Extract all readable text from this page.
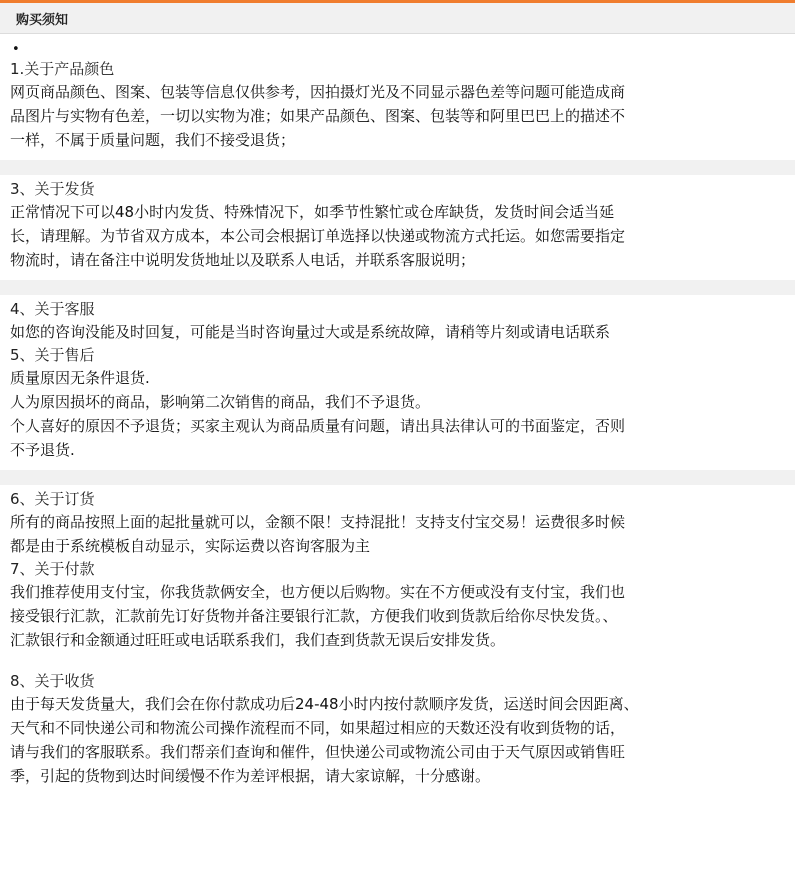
购买须知
•
1.关于产品颜色
网页商品颜色、图案、包装等信息仅供参考，因拍摄灯光及不同显示器色差等问题可能造成商
品图片与实物有色差，一切以实物为准；如果产品颜色、图案、包装等和阿里巴巴上的描述不
一样，不属于质量问题，我们不接受退货；
3、关于发货
正常情况下可以48小时内发货、特殊情况下，如季节性繁忙或仓库缺货，发货时间会适当延
长，请理解。为节省双方成本，本公司会根据订单选择以快递或物流方式托运。如您需要指定
物流时，请在备注中说明发货地址以及联系人电话，并联系客服说明；
4、关于客服
如您的咨询没能及时回复，可能是当时咨询量过大或是系统故障，请稍等片刻或请电话联系
5、关于售后
质量原因无条件退货.
人为原因损坏的商品，影响第二次销售的商品，我们不予退货。
个人喜好的原因不予退货；买家主观认为商品质量有问题，请出具法律认可的书面鉴定，否则
不予退货.
6、关于订货
所有的商品按照上面的起批量就可以，金额不限！支持混批！支持支付宝交易！运费很多时候
都是由于系统模板自动显示，实际运费以咨询客服为主
7、关于付款
我们推荐使用支付宝，你我货款俩安全，也方便以后购物。实在不方便或没有支付宝，我们也
接受银行汇款，汇款前先订好货物并备注要银行汇款，方便我们收到货款后给你尽快发货。、
汇款银行和金额通过旺旺或电话联系我们，我们查到货款无误后安排发货。
8、关于收货
由于每天发货量大，我们会在你付款成功后24-48小时内按付款顺序发货，运送时间会因距离、
天气和不同快递公司和物流公司操作流程而不同，如果超过相应的天数还没有收到货物的话，
请与我们的客服联系。我们帮亲们查询和催件，但快递公司或物流公司由于天气原因或销售旺
季，引起的货物到达时间缓慢不作为差评根据，请大家谅解，十分感谢。
